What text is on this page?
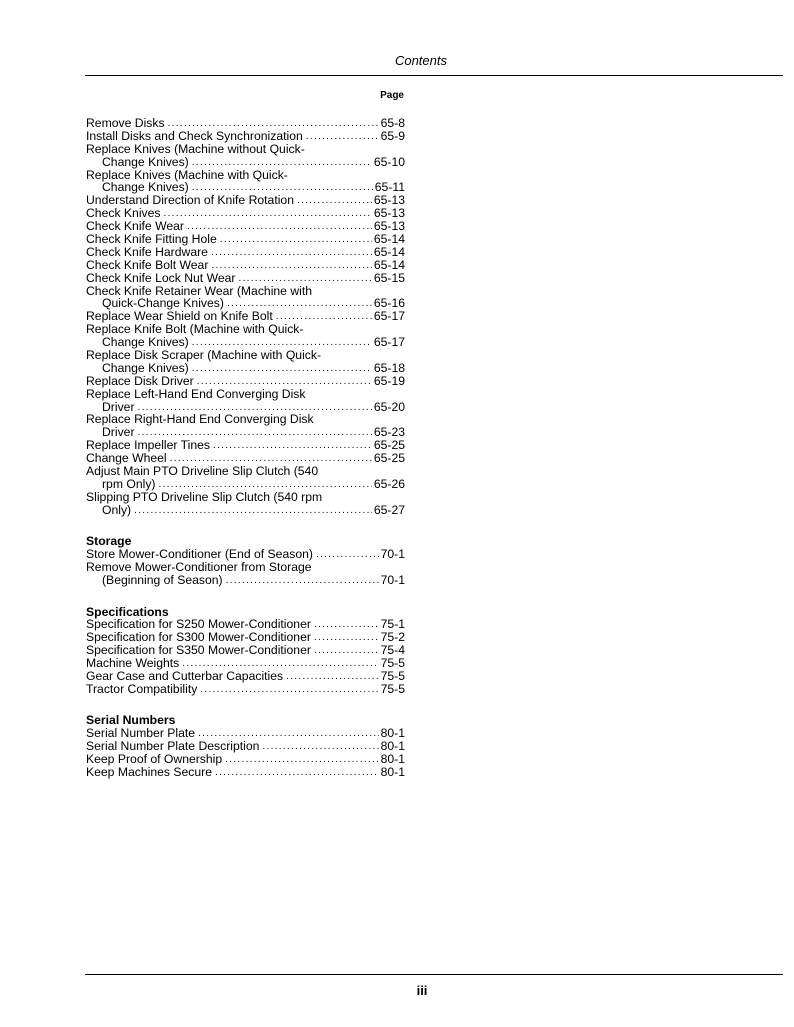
Contents
Page
Remove Disks .....	65-8
Install Disks and Check Synchronization .....	65-9
Replace Knives (Machine without Quick-
Change Knives) .....	65-10
Replace Knives (Machine with Quick-
Change Knives) .....	65-11
Understand Direction of Knife Rotation .....	65-13
Check Knives .....	65-13
Check Knife Wear .....	65-13
Check Knife Fitting Hole .....	65-14
Check Knife Hardware .....	65-14
Check Knife Bolt Wear .....	65-14
Check Knife Lock Nut Wear .....	65-15
Check Knife Retainer Wear (Machine with
Quick-Change Knives) .....	65-16
Replace Wear Shield on Knife Bolt .....	65-17
Replace Knife Bolt (Machine with Quick-
Change Knives) .....	65-17
Replace Disk Scraper (Machine with Quick-
Change Knives) .....	65-18
Replace Disk Driver .....	65-19
Replace Left-Hand End Converging Disk
Driver .....	65-20
Replace Right-Hand End Converging Disk
Driver .....	65-23
Replace Impeller Tines .....	65-25
Change Wheel .....	65-25
Adjust Main PTO Driveline Slip Clutch (540
rpm Only) .....	65-26
Slipping PTO Driveline Slip Clutch (540 rpm
Only) .....	65-27
Storage
Store Mower-Conditioner (End of Season) .....	70-1
Remove Mower-Conditioner from Storage
(Beginning of Season) .....	70-1
Specifications
Specification for S250 Mower-Conditioner .....	75-1
Specification for S300 Mower-Conditioner .....	75-2
Specification for S350 Mower-Conditioner .....	75-4
Machine Weights .....	75-5
Gear Case and Cutterbar Capacities .....	75-5
Tractor Compatibility .....	75-5
Serial Numbers
Serial Number Plate .....	80-1
Serial Number Plate Description .....	80-1
Keep Proof of Ownership .....	80-1
Keep Machines Secure .....	80-1
iii
